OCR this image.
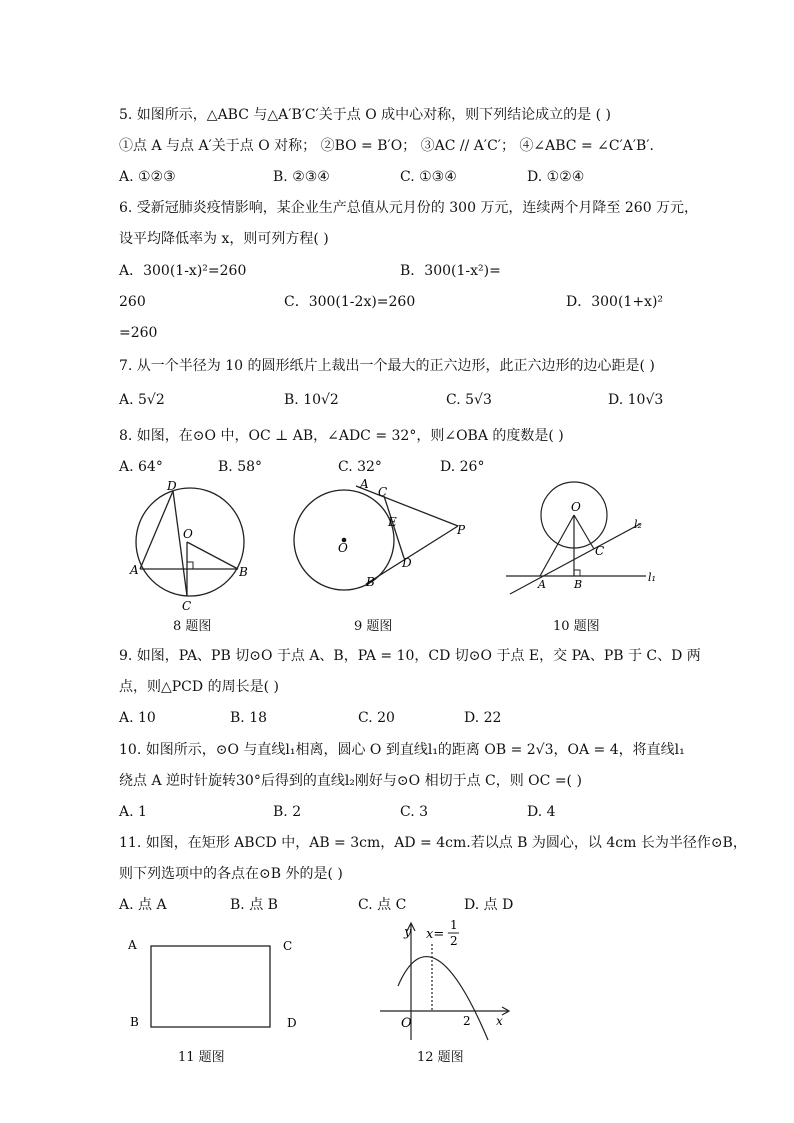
5. 如图所示，△ABC 与△A′B′C′关于点 O 成中心对称，则下列结论成立的是 ( )
①点 A 与点 A′关于点 O 对称； ②BO = B′O； ③AC // A′C′； ④∠ABC = ∠C′A′B′．
A. ①②③	B. ②③④	C. ①③④	D. ①②④
6. 受新冠肺炎疫情影响，某企业生产总值从元月份的 300 万元，连续两个月降至 260 万元，
设平均降低率为 x，则可列方程( )
A．300(1-x)²=260	B．300(1-x²)=
260	C．300(1-2x)=260	D．300(1+x)²
=260
7. 从一个半径为 10 的圆形纸片上裁出一个最大的正六边形，此正六边形的边心距是( )
A. 5√2	B. 10√2	C. 5√3	D. 10√3
8. 如图，在⊙O 中，OC ⊥ AB，∠ADC = 32°，则∠OBA 的度数是( )
A. 64°	B. 58°	C. 32°	D. 26°
D
O
A	B
C
8 题图
A
C
E
P
O
D
B
9 题图
O
C
A	B
l₂
l₁
10 题图
9. 如图，PA、PB 切⊙O 于点 A、B，PA = 10，CD 切⊙O 于点 E，交 PA、PB 于 C、D 两
点，则△PCD 的周长是( )
A. 10	B. 18	C. 20	D. 22
10. 如图所示，⊙O 与直线l₁相离，圆心 O 到直线l₁的距离 OB = 2√3，OA = 4，将直线l₁
绕点 A 逆时针旋转30°后得到的直线l₂刚好与⊙O 相切于点 C，则 OC =( )
A. 1	B. 2	C. 3	D. 4
11. 如图，在矩形 ABCD 中，AB = 3cm，AD = 4cm.若以点 B 为圆心，以 4cm 长为半径作⊙B，
则下列选项中的各点在⊙B 外的是( )
A. 点 A	B. 点 B	C. 点 C	D. 点 D
A	C
B	D
11 题图
y x=
1
2
O	2 x
12 题图
